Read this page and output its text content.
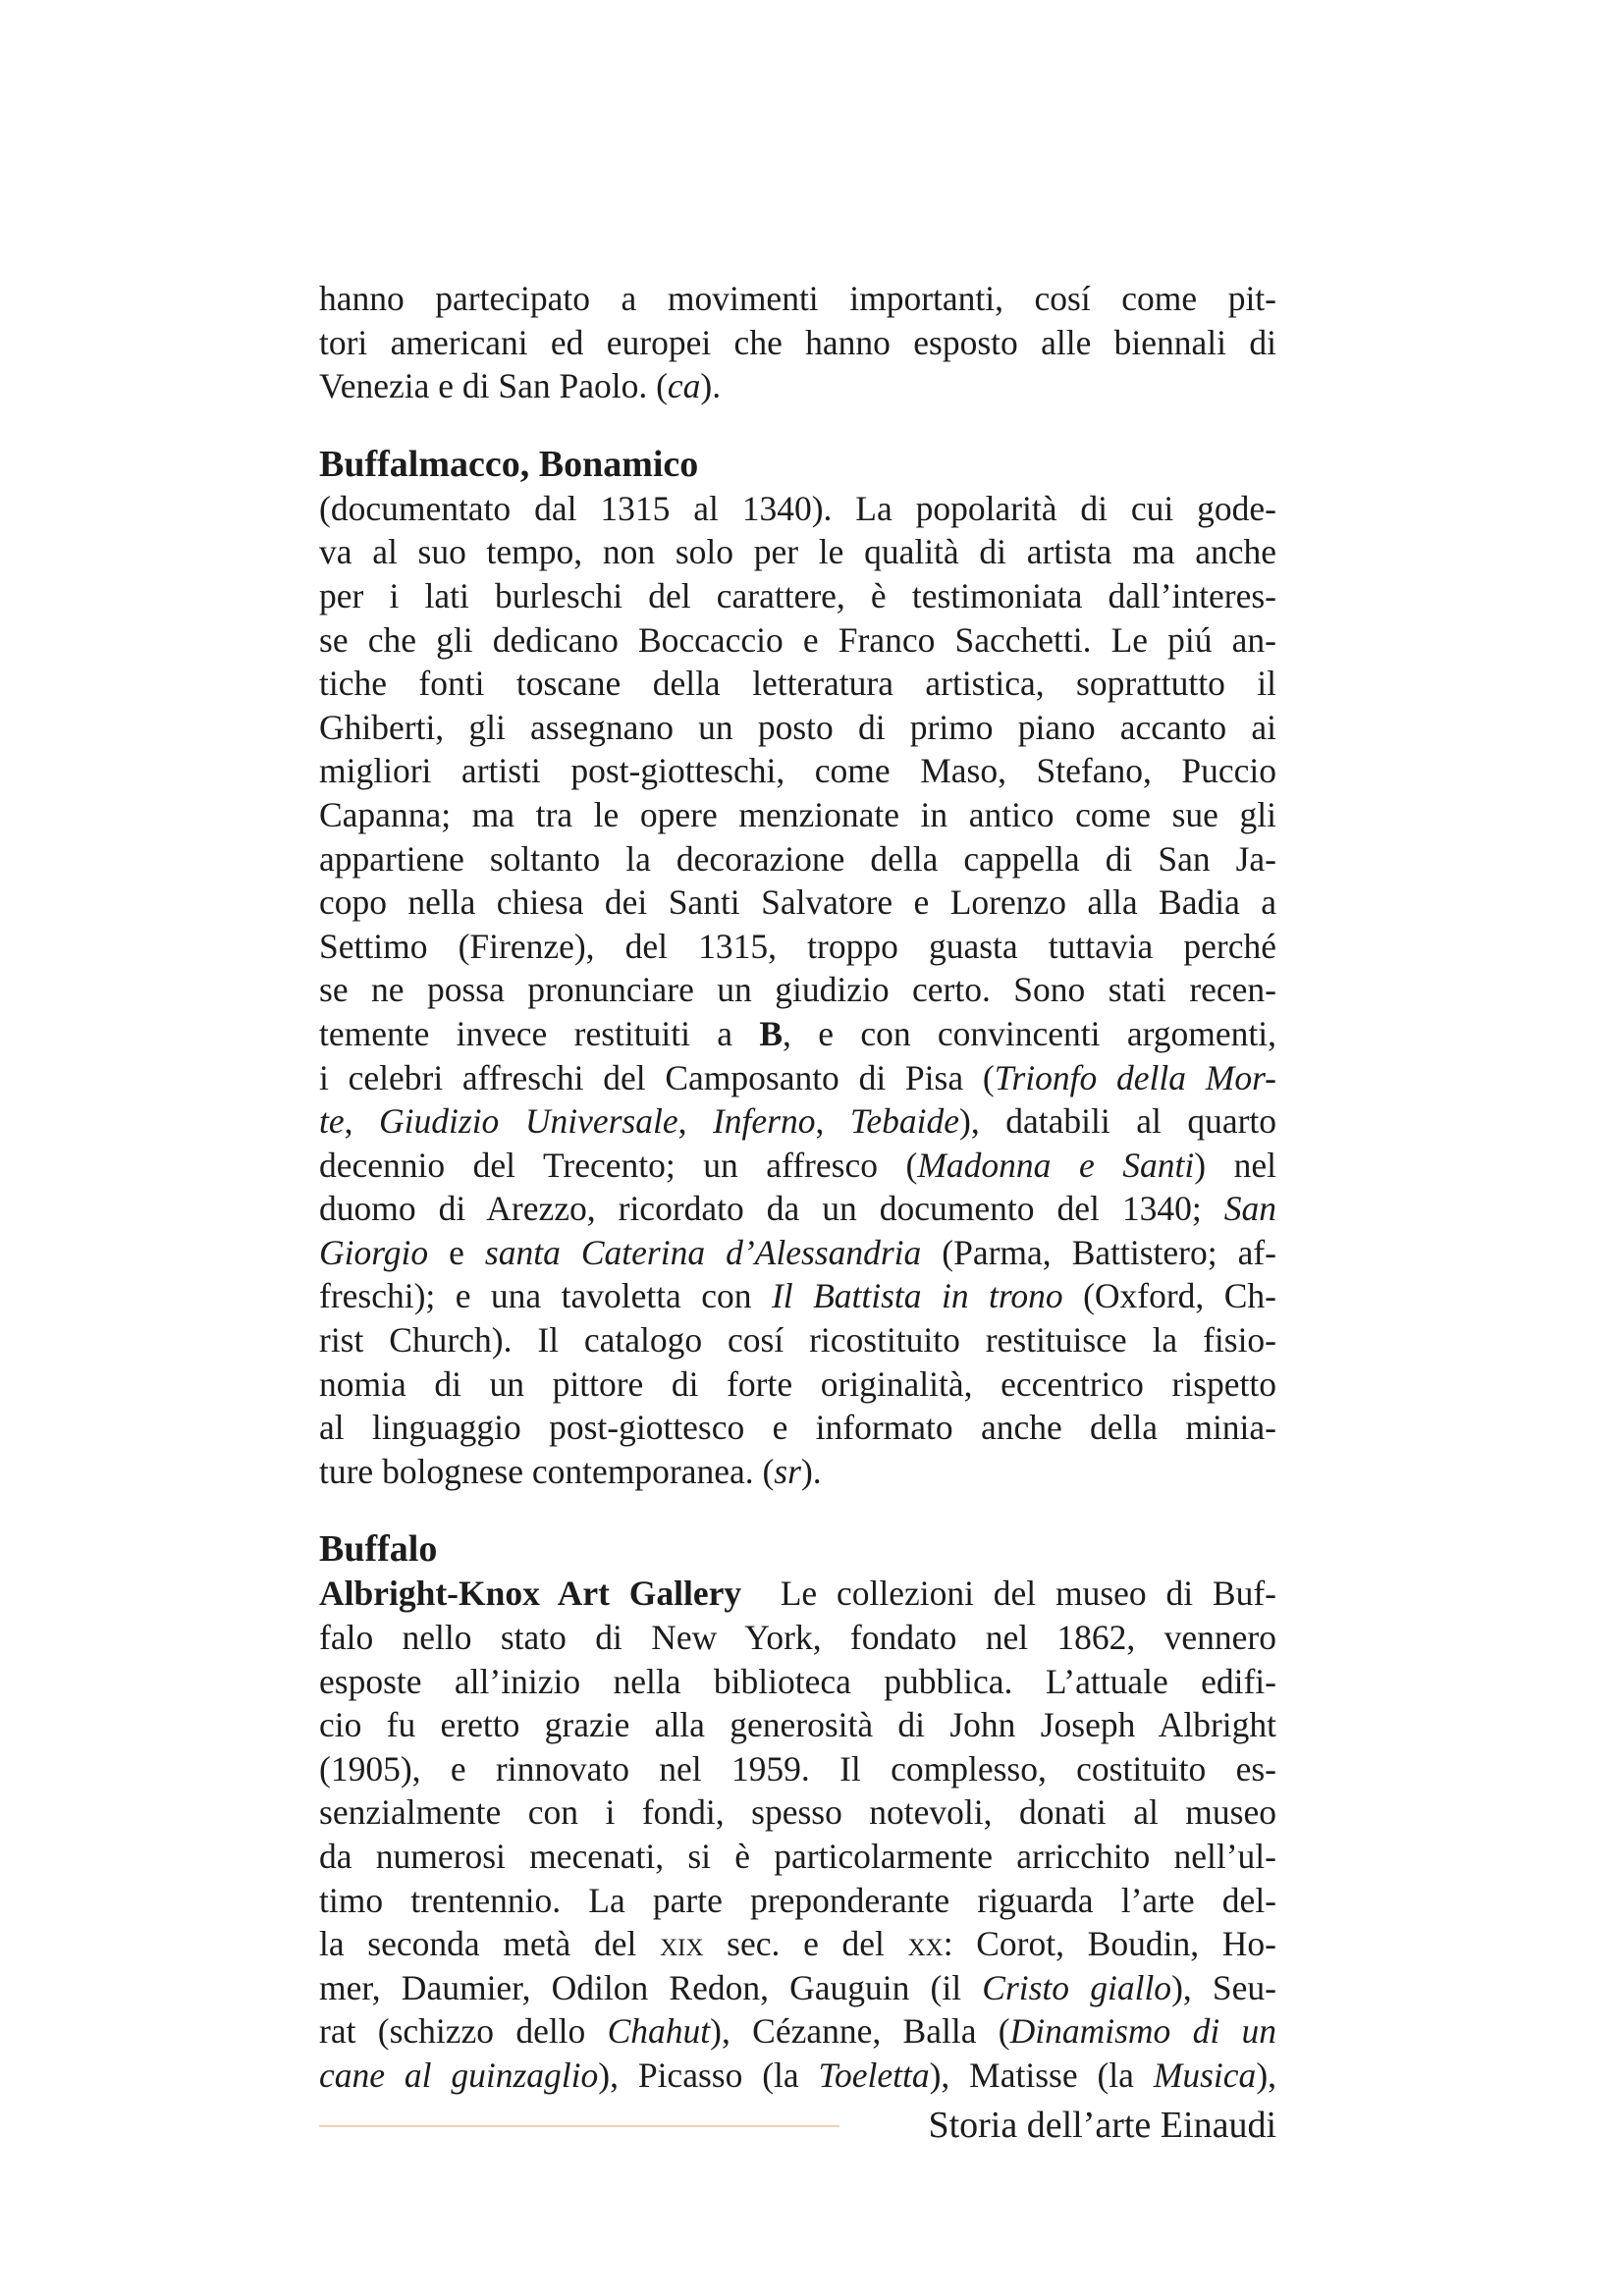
hanno partecipato a movimenti importanti, cosí come pit-
tori americani ed europei che hanno esposto alle biennali di
Venezia e di San Paolo. (ca).
Buffalmacco, Bonamico
(documentato dal 1315 al 1340). La popolarità di cui gode-
va al suo tempo, non solo per le qualità di artista ma anche
per i lati burleschi del carattere, è testimoniata dall’interes-
se che gli dedicano Boccaccio e Franco Sacchetti. Le piú an-
tiche fonti toscane della letteratura artistica, soprattutto il
Ghiberti, gli assegnano un posto di primo piano accanto ai
migliori artisti post-giotteschi, come Maso, Stefano, Puccio
Capanna; ma tra le opere menzionate in antico come sue gli
appartiene soltanto la decorazione della cappella di San Ja-
copo nella chiesa dei Santi Salvatore e Lorenzo alla Badia a
Settimo (Firenze), del 1315, troppo guasta tuttavia perché
se ne possa pronunciare un giudizio certo. Sono stati recen-
temente invece restituiti a B, e con convincenti argomenti,
i celebri affreschi del Camposanto di Pisa (Trionfo della Mor-
te, Giudizio Universale, Inferno, Tebaide), databili al quarto
decennio del Trecento; un affresco (Madonna e Santi) nel
duomo di Arezzo, ricordato da un documento del 1340; San
Giorgio e santa Caterina d’Alessandria (Parma, Battistero; af-
freschi); e una tavoletta con Il Battista in trono (Oxford, Ch-
rist Church). Il catalogo cosí ricostituito restituisce la fisio-
nomia di un pittore di forte originalità, eccentrico rispetto
al linguaggio post-giottesco e informato anche della minia-
ture bolognese contemporanea. (sr).
Buffalo
Albright-Knox Art Gallery  Le collezioni del museo di Buf-
falo nello stato di New York, fondato nel 1862, vennero
esposte all’inizio nella biblioteca pubblica. L’attuale edifi-
cio fu eretto grazie alla generosità di John Joseph Albright
(1905), e rinnovato nel 1959. Il complesso, costituito es-
senzialmente con i fondi, spesso notevoli, donati al museo
da numerosi mecenati, si è particolarmente arricchito nell’ul-
timo trentennio. La parte preponderante riguarda l’arte del-
la seconda metà del xix sec. e del xx: Corot, Boudin, Ho-
mer, Daumier, Odilon Redon, Gauguin (il Cristo giallo), Seu-
rat (schizzo dello Chahut), Cézanne, Balla (Dinamismo di un
cane al guinzaglio), Picasso (la Toeletta), Matisse (la Musica),
Storia dell’arte Einaudi
